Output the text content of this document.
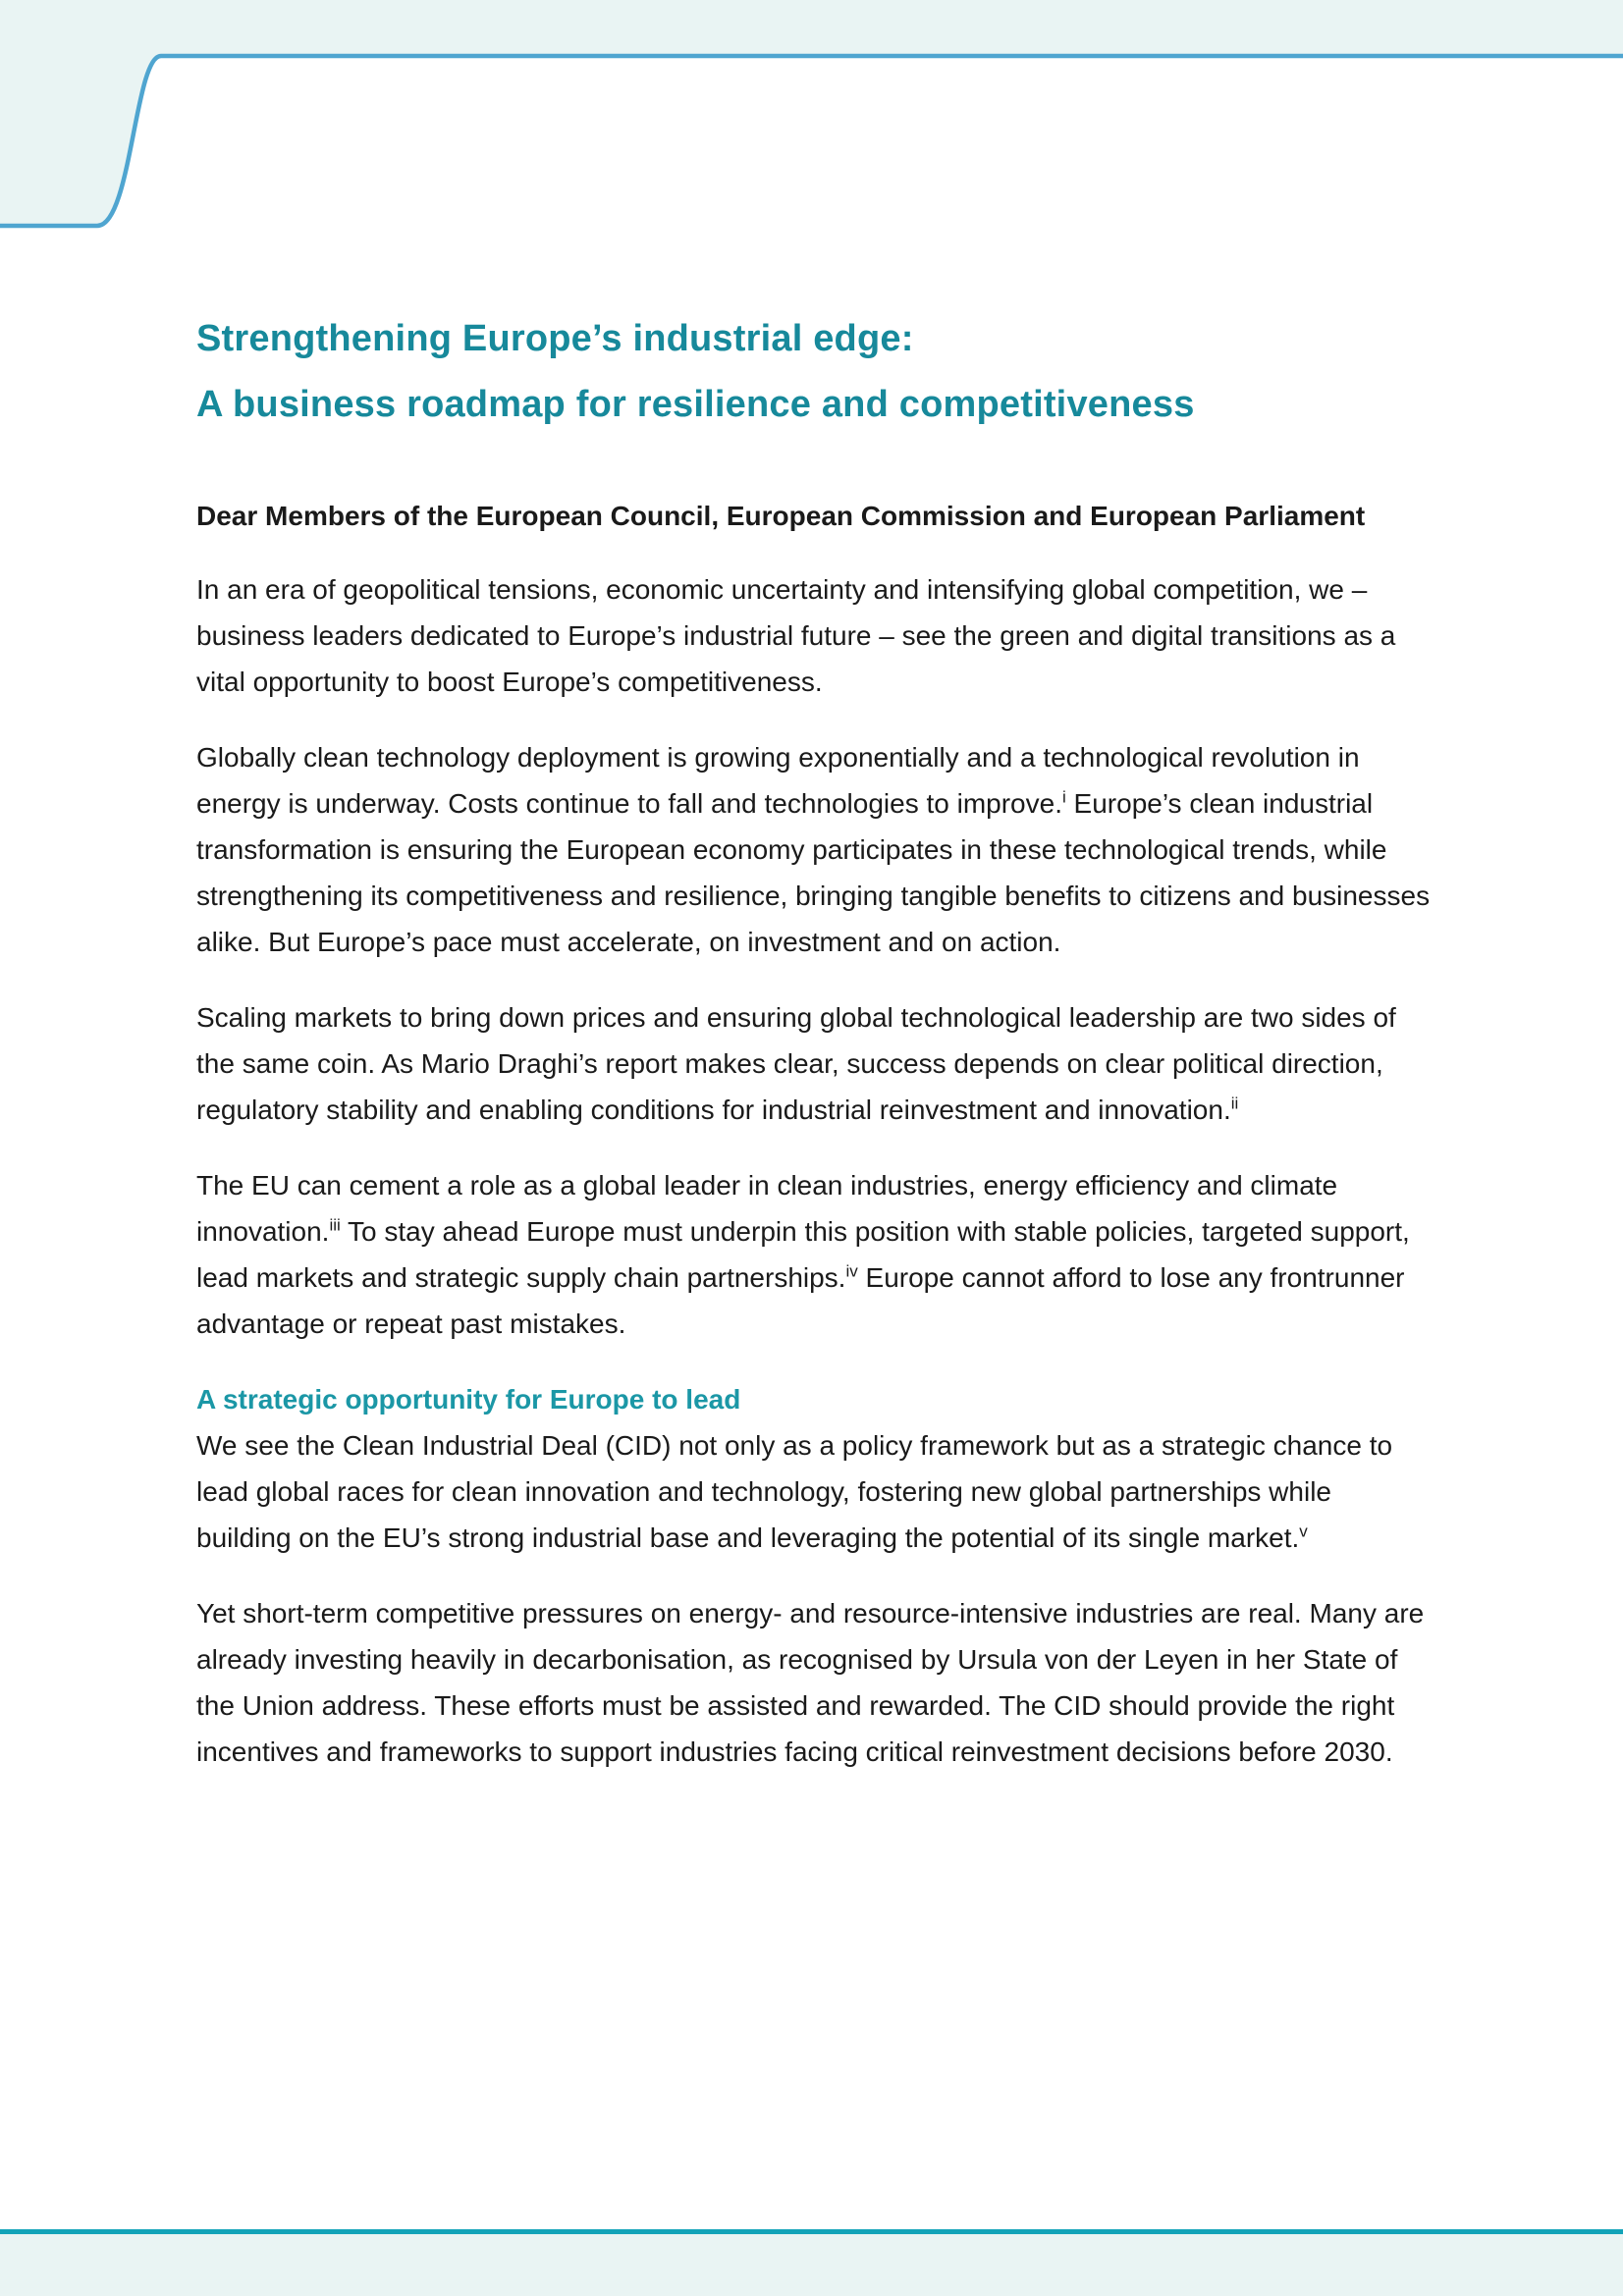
Strengthening Europe’s industrial edge:
A business roadmap for resilience and competitiveness

Dear Members of the European Council, European Commission and European Parliament

In an era of geopolitical tensions, economic uncertainty and intensifying global competition, we – business leaders dedicated to Europe’s industrial future – see the green and digital transitions as a vital opportunity to boost Europe’s competitiveness.

Globally clean technology deployment is growing exponentially and a technological revolution in energy is underway. Costs continue to fall and technologies to improve.$^i$ Europe’s clean industrial transformation is ensuring the European economy participates in these technological trends, while strengthening its competitiveness and resilience, bringing tangible benefits to citizens and businesses alike. But Europe’s pace must accelerate, on investment and on action.

Scaling markets to bring down prices and ensuring global technological leadership are two sides of the same coin. As Mario Draghi’s report makes clear, success depends on clear political direction, regulatory stability and enabling conditions for industrial reinvestment and innovation.$^{ii}$

The EU can cement a role as a global leader in clean industries, energy efficiency and climate innovation.$^{iii}$ To stay ahead Europe must underpin this position with stable policies, targeted support, lead markets and strategic supply chain partnerships.$^{iv}$ Europe cannot afford to lose any frontrunner advantage or repeat past mistakes.

A strategic opportunity for Europe to lead

We see the Clean Industrial Deal (CID) not only as a policy framework but as a strategic chance to lead global races for clean innovation and technology, fostering new global partnerships while building on the EU’s strong industrial base and leveraging the potential of its single market.$^v$

Yet short-term competitive pressures on energy- and resource-intensive industries are real. Many are already investing heavily in decarbonisation, as recognised by Ursula von der Leyen in her State of the Union address. These efforts must be assisted and rewarded. The CID should provide the right incentives and frameworks to support industries facing critical reinvestment decisions before 2030.
